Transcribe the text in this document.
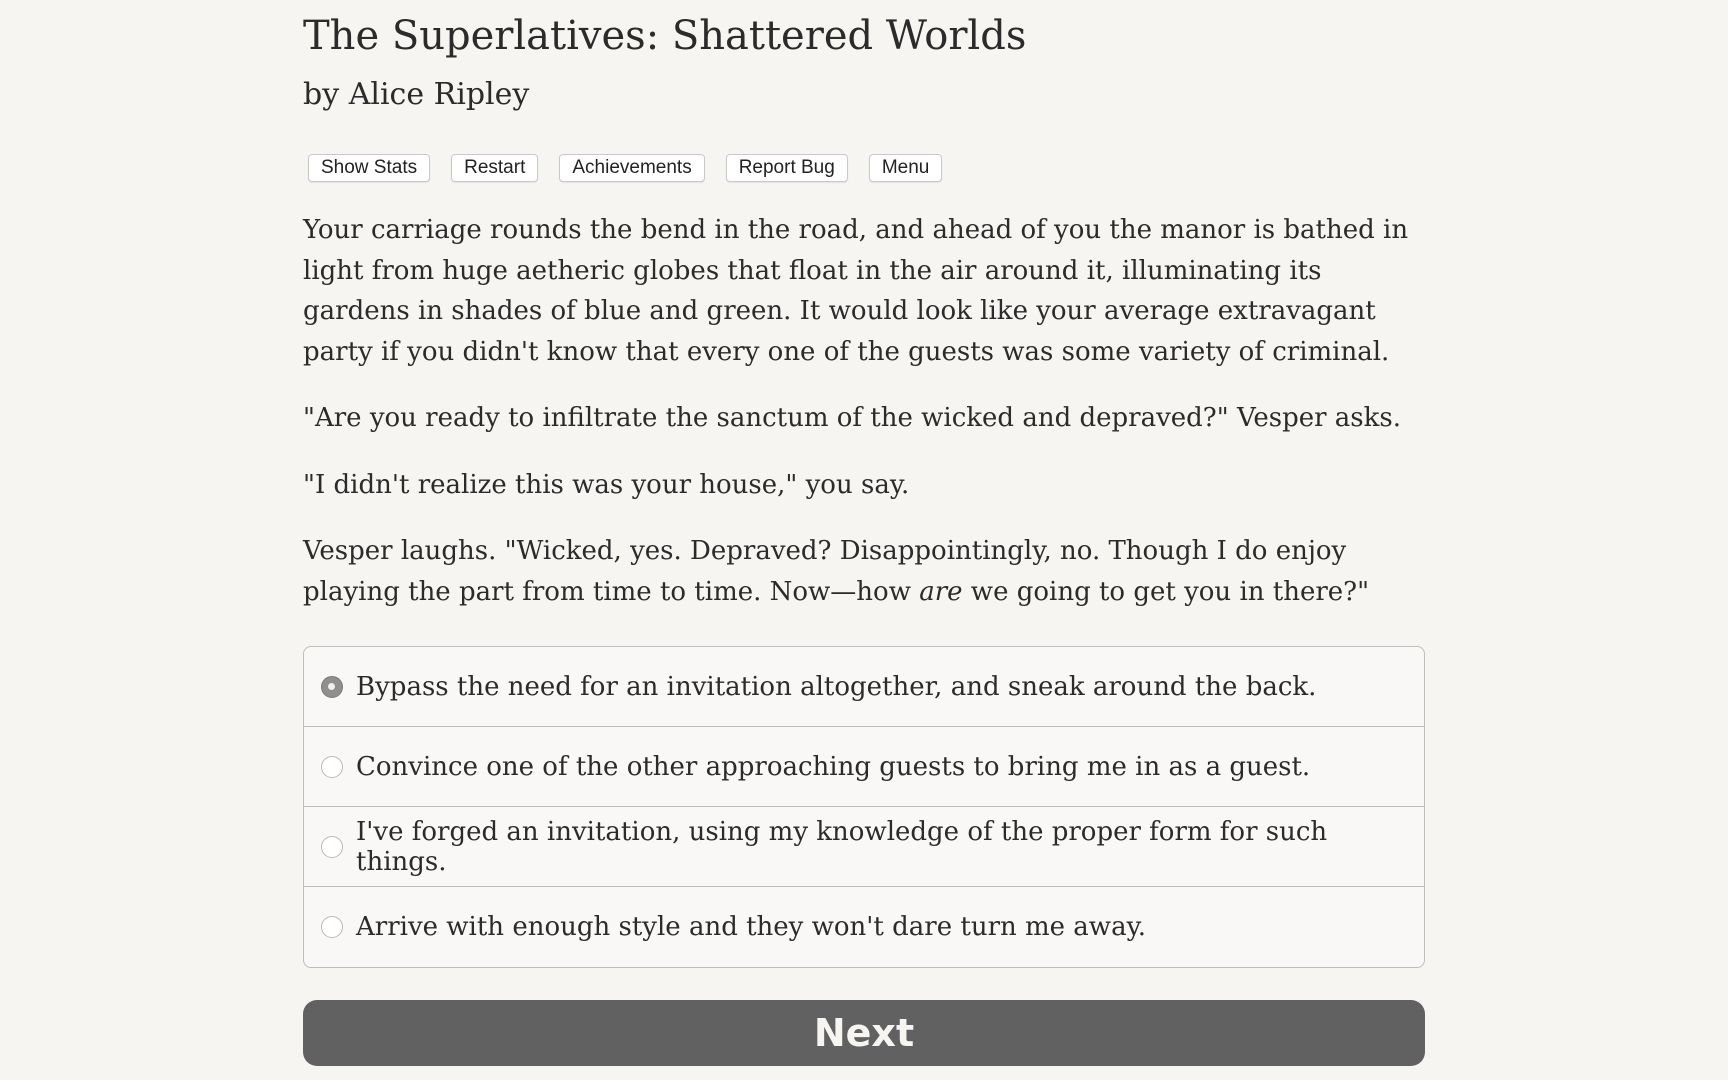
The Superlatives: Shattered Worlds
by Alice Ripley
Show Stats	Restart	Achievements	Report Bug	Menu

Your carriage rounds the bend in the road, and ahead of you the manor is bathed in light from huge aetheric globes that float in the air around it, illuminating its gardens in shades of blue and green. It would look like your average extravagant party if you didn't know that every one of the guests was some variety of criminal.

"Are you ready to infiltrate the sanctum of the wicked and depraved?" Vesper asks.

"I didn't realize this was your house," you say.

Vesper laughs. "Wicked, yes. Depraved? Disappointingly, no. Though I do enjoy playing the part from time to time. Now—how are we going to get you in there?"

Bypass the need for an invitation altogether, and sneak around the back.
Convince one of the other approaching guests to bring me in as a guest.
I've forged an invitation, using my knowledge of the proper form for such things.
Arrive with enough style and they won't dare turn me away.
Next
